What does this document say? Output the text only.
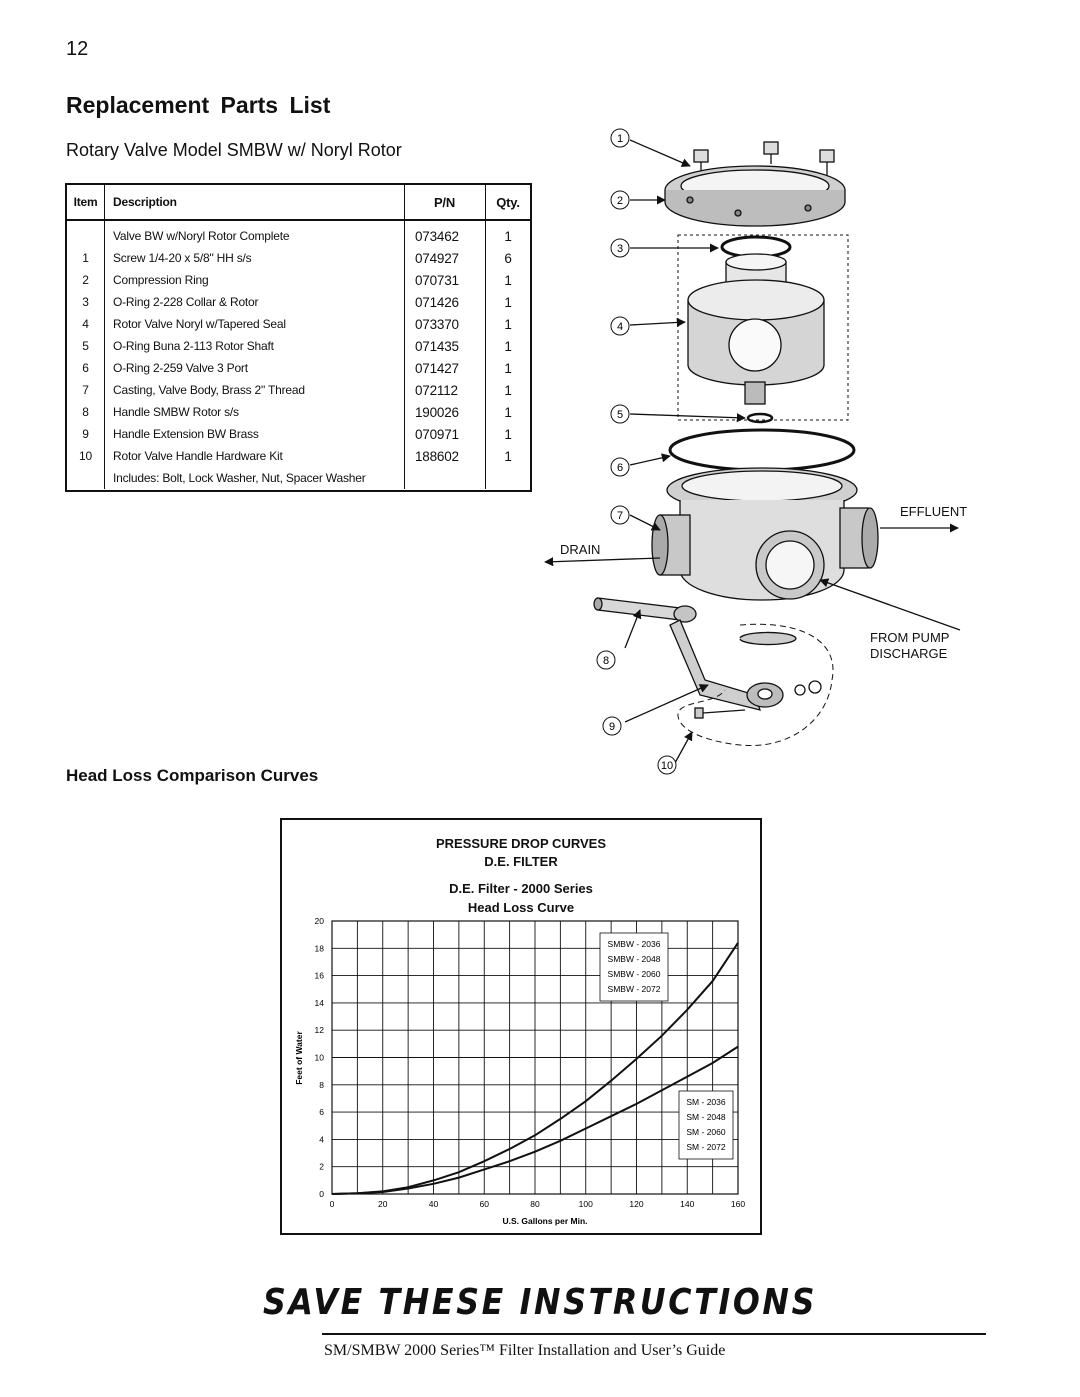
12
Replacement Parts List
Rotary Valve Model SMBW w/ Noryl Rotor
Item	Description	P/N	Qty.
	Valve BW w/Noryl Rotor Complete	073462	1
1	Screw 1/4-20 x 5/8" HH s/s	074927	6
2	Compression Ring	070731	1
3	O-Ring 2-228 Collar & Rotor	071426	1
4	Rotor Valve Noryl w/Tapered Seal	073370	1
5	O-Ring Buna 2-113 Rotor Shaft	071435	1
6	O-Ring 2-259 Valve 3 Port	071427	1
7	Casting, Valve Body, Brass 2" Thread	072112	1
8	Handle SMBW Rotor s/s	190026	1
9	Handle Extension BW Brass	070971	1
10	Rotor Valve Handle Hardware Kit	188602	1
	Includes: Bolt, Lock Washer, Nut, Spacer Washer		
1
2
3
4
5
6
7
8
9
10
EFFLUENT
DRAIN
FROM PUMP
DISCHARGE
Head Loss Comparison Curves
PRESSURE DROP CURVES
D.E. FILTER
D.E. Filter - 2000 Series
Head Loss Curve
0	20	40	60	80	100	120	140	160
0
2
4
6
8
10
12
14
16
18
20
U.S. Gallons per Min.
Feet of Water
SMBW - 2036
SMBW - 2048
SMBW - 2060
SMBW - 2072
SM - 2036
SM - 2048
SM - 2060
SM - 2072
SAVE THESE INSTRUCTIONS
SM/SMBW 2000 Series™ Filter Installation and User’s Guide
